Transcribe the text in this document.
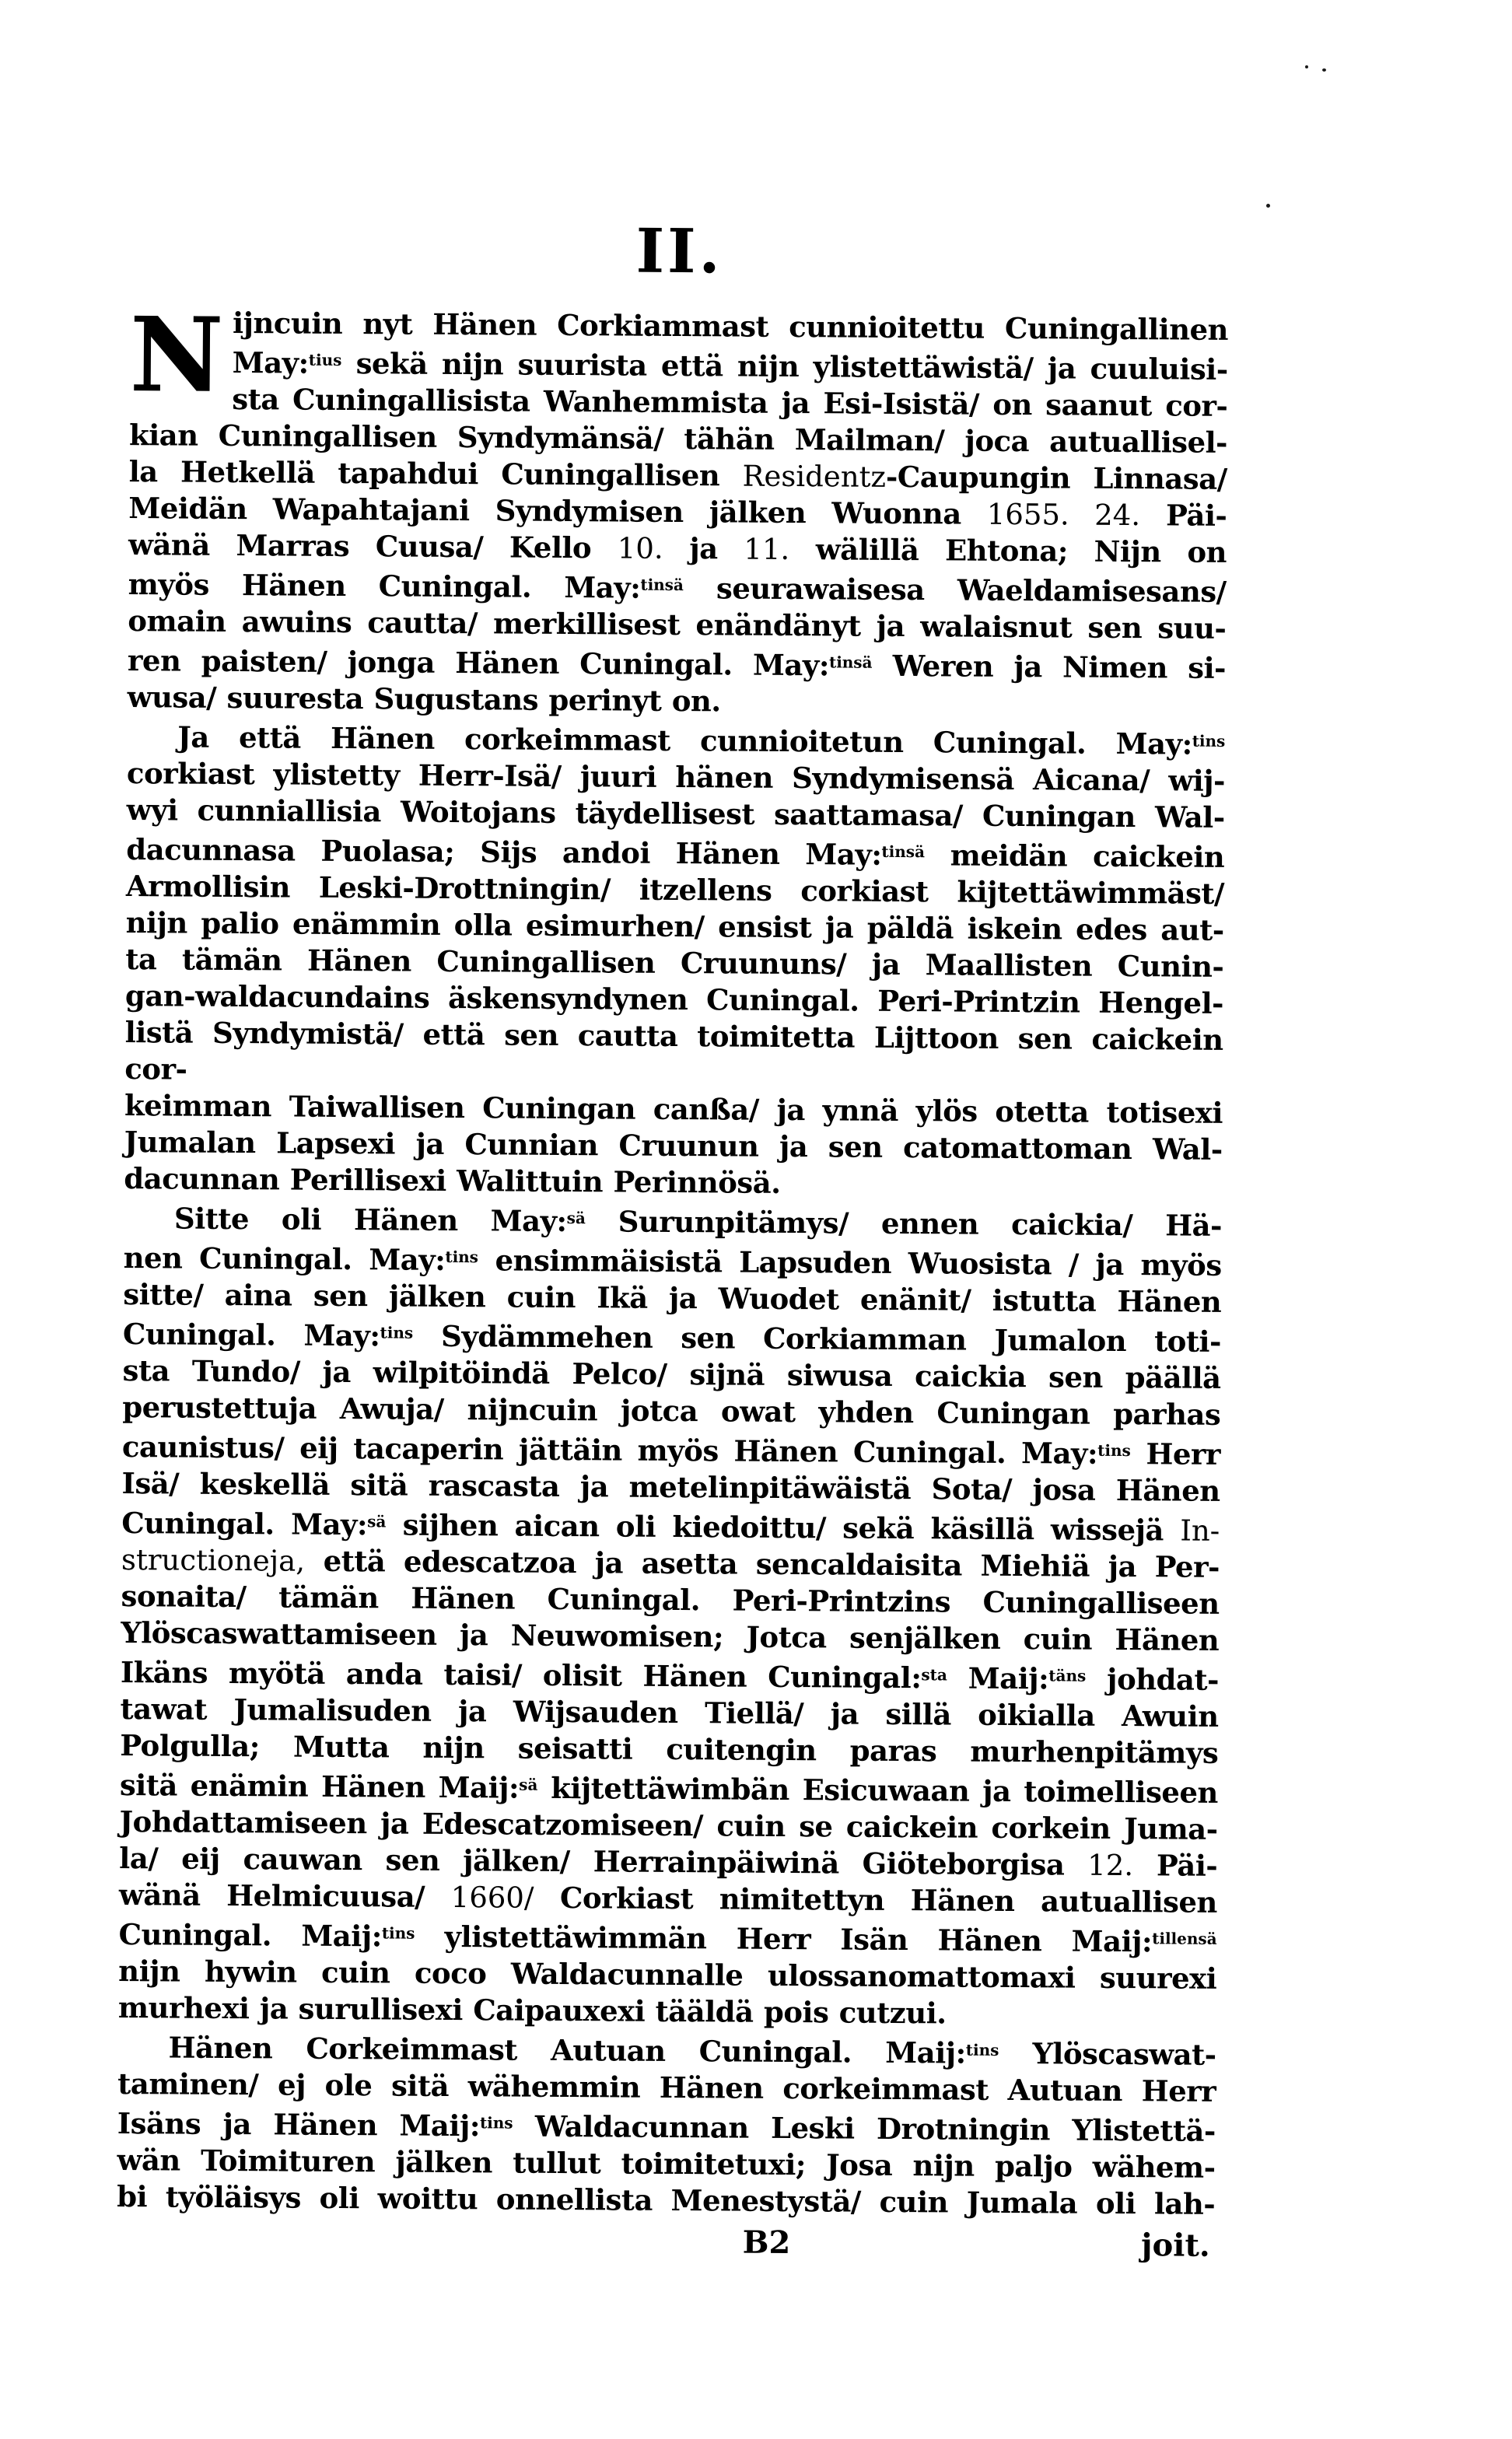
II.
N ijncuin nyt Hänen Corkiammast cunnioitettu Cuningallinen
May:$^{tius}$ sekä nijn suurista että nijn ylistettäwistä/ ja cuuluisi-
sta Cuningallisista Wanhemmista ja Esi-Isistä/ on saanut cor-
kian Cuningallisen Syndymänsä/ tähän Mailman/ joca autuallisel-
la Hetkellä tapahdui Cuningallisen Residentz-Caupungin Linnasa/
Meidän Wapahtajani Syndymisen jälken Wuonna 1655. 24. Päi-
wänä Marras Cuusa/ Kello 10. ja 11. wälillä Ehtona; Nijn on
myös Hänen Cuningal. May:$^{tinsä}$ seurawaisesa Waeldamisesans/
omain awuins cautta/ merkillisest enändänyt ja walaisnut sen suu-
ren paisten/ jonga Hänen Cuningal. May:$^{tinsä}$ Weren ja Nimen si-
wusa/ suuresta Sugustans perinyt on.
Ja että Hänen corkeimmast cunnioitetun Cuningal. May:$^{tins}$
corkiast ylistetty Herr-Isä/ juuri hänen Syndymisensä Aicana/ wij-
wyi cunniallisia Woitojans täydellisest saattamasa/ Cuningan Wal-
dacunnasa Puolasa; Sijs andoi Hänen May:$^{tinsä}$ meidän caickein
Armollisin Leski-Drottningin/ itzellens corkiast kijtettäwimmäst/
nijn palio enämmin olla esimurhen/ ensist ja päldä iskein edes aut-
ta tämän Hänen Cuningallisen Cruununs/ ja Maallisten Cunin-
gan-waldacundains äskensyndynen Cuningal. Peri-Printzin Hengel-
listä Syndymistä/ että sen cautta toimitetta Lijttoon sen caickein cor-
keimman Taiwallisen Cuningan canßa/ ja ynnä ylös otetta totisexi
Jumalan Lapsexi ja Cunnian Cruunun ja sen catomattoman Wal-
dacunnan Perillisexi Walittuin Perinnösä.
Sitte oli Hänen May:$^{sä}$ Surunpitämys/ ennen caickia/ Hä-
nen Cuningal. May:$^{tins}$ ensimmäisistä Lapsuden Wuosista / ja myös
sitte/ aina sen jälken cuin Ikä ja Wuodet enänit/ istutta Hänen
Cuningal. May:$^{tins}$ Sydämmehen sen Corkiamman Jumalon toti-
sta Tundo/ ja wilpitöindä Pelco/ sijnä siwusa caickia sen päällä
perustettuja Awuja/ nijncuin jotca owat yhden Cuningan parhas
caunistus/ eij tacaperin jättäin myös Hänen Cuningal. May:$^{tins}$ Herr
Isä/ keskellä sitä rascasta ja metelinpitäwäistä Sota/ josa Hänen
Cuningal. May:$^{sä}$ sijhen aican oli kiedoittu/ sekä käsillä wissejä In-
structioneja, että edescatzoa ja asetta sencaldaisita Miehiä ja Per-
sonaita/ tämän Hänen Cuningal. Peri-Printzins Cuningalliseen
Ylöscaswattamiseen ja Neuwomisen; Jotca senjälken cuin Hänen
Ikäns myötä anda taisi/ olisit Hänen Cuningal:$^{sta}$ Maij:$^{täns}$ johdat-
tawat Jumalisuden ja Wijsauden Tiellä/ ja sillä oikialla Awuin
Polgulla; Mutta nijn seisatti cuitengin paras murhenpitämys
sitä enämin Hänen Maij:$^{sä}$ kijtettäwimbän Esicuwaan ja toimelliseen
Johdattamiseen ja Edescatzomiseen/ cuin se caickein corkein Juma-
la/ eij cauwan sen jälken/ Herrainpäiwinä Giöteborgisa 12. Päi-
wänä Helmicuusa/ 1660/ Corkiast nimitettyn Hänen autuallisen
Cuningal. Maij:$^{tins}$ ylistettäwimmän Herr Isän Hänen Maij:$^{tillensä}$
nijn hywin cuin coco Waldacunnalle ulossanomattomaxi suurexi
murhexi ja surullisexi Caipauxexi tääldä pois cutzui.
Hänen Corkeimmast Autuan Cuningal. Maij:$^{tins}$ Ylöscaswat-
taminen/ ej ole sitä wähemmin Hänen corkeimmast Autuan Herr
Isäns ja Hänen Maij:$^{tins}$ Waldacunnan Leski Drotningin Ylistettä-
wän Toimituren jälken tullut toimitetuxi; Josa nijn paljo wähem-
bi työläisys oli woittu onnellista Menestystä/ cuin Jumala oli lah-
B2	joit.
